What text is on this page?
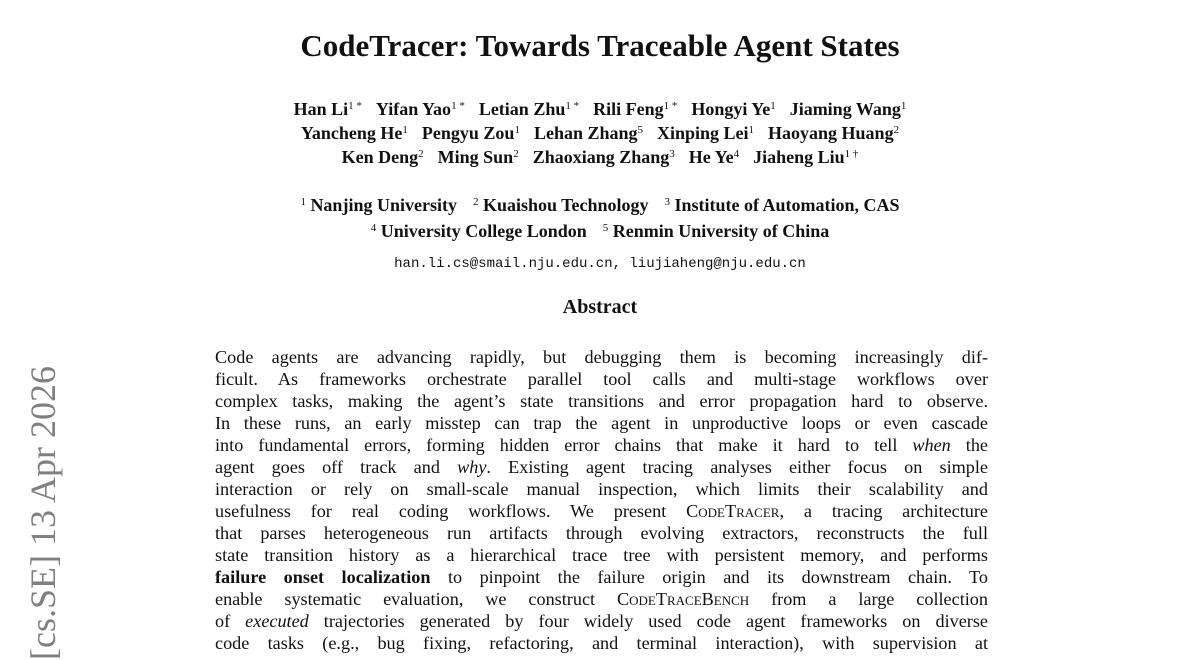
CodeTracer: Towards Traceable Agent States
Han $Li^{1 *}$ Yifan Yao$^{1 *}$ Letian Zhu$^{1 *}$ Rili Feng$^{1 *}$ Hongyi Ye$^1$ Jiaming Wang$^1$
Yancheng He$^1$ Pengyu Zou$^1$ Lehan Zhang$^5$ Xinping Lei$^1$ Haoyang Huang$^2$
Ken Deng$^2$ Ming Sun$^2$ Zhaoxiang Zhang$^3$ He Ye$^4$ Jiaheng Liu$^{1 \dagger}$
$^1$ Nanjing University $^2$ Kuaishou Technology $^3$ Institute of Automation, CAS
$^4$ University College London $^5$ Renmin University of China
han.li.cs@smail.nju.edu.cn, liujiaheng@nju.edu.cn
Abstract
Code agents are advancing rapidly, but debugging them is becoming increasingly dif-
ficult. As frameworks orchestrate parallel tool calls and multi-stage workflows over
complex tasks, making the agent’s state transitions and error propagation hard to observe.
In these runs, an early misstep can trap the agent in unproductive loops or even cascade
into fundamental errors, forming hidden error chains that make it hard to tell when the
agent goes off track and why. Existing agent tracing analyses either focus on simple
interaction or rely on small-scale manual inspection, which limits their scalability and
usefulness for real coding workflows. We present CodeTracer, a tracing architecture
that parses heterogeneous run artifacts through evolving extractors, reconstructs the full
state transition history as a hierarchical trace tree with persistent memory, and performs
failure onset localization to pinpoint the failure origin and its downstream chain. To
enable systematic evaluation, we construct CodeTraceBench from a large collection
of executed trajectories generated by four widely used code agent frameworks on diverse
code tasks (e.g., bug fixing, refactoring, and terminal interaction), with supervision at
[cs.SE] 13 Apr 2026
